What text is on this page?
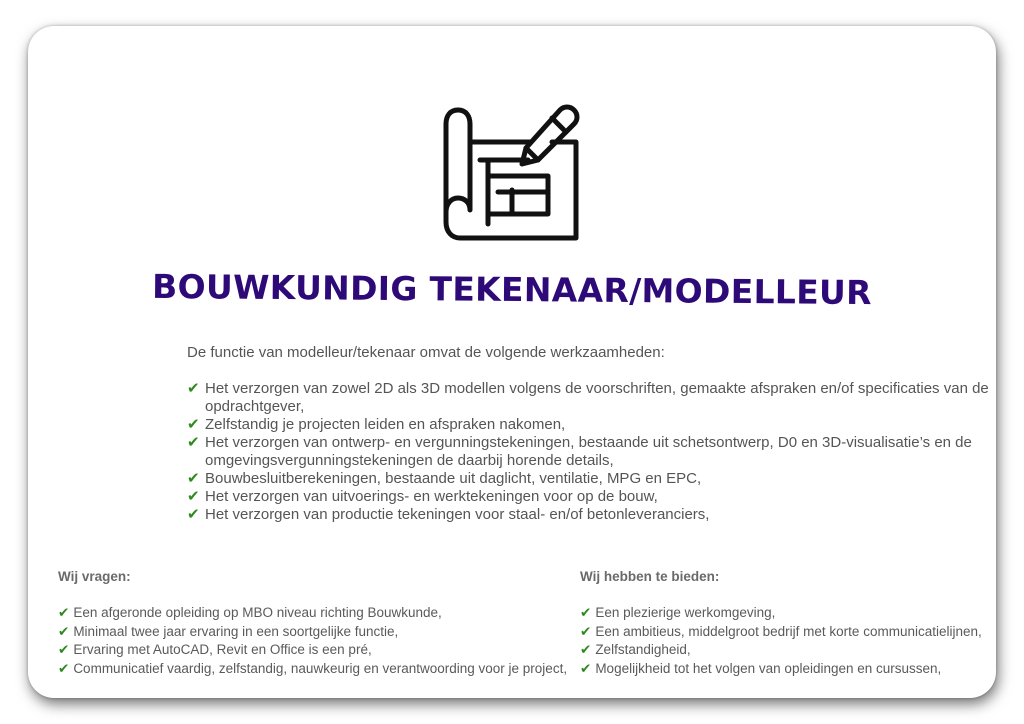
BOUWKUNDIG TEKENAAR/MODELLEUR
De functie van modelleur/tekenaar omvat de volgende werkzaamheden:
✔ Het verzorgen van zowel 2D als 3D modellen volgens de voorschriften, gemaakte afspraken en/of specificaties van de opdrachtgever,
✔ Zelfstandig je projecten leiden en afspraken nakomen,
✔ Het verzorgen van ontwerp- en vergunningstekeningen, bestaande uit schetsontwerp, D0 en 3D-visualisatie’s en de omgevingsvergunningstekeningen de daarbij horende details,
✔ Bouwbesluitberekeningen, bestaande uit daglicht, ventilatie, MPG en EPC,
✔ Het verzorgen van uitvoerings- en werktekeningen voor op de bouw,
✔ Het verzorgen van productie tekeningen voor staal- en/of betonleveranciers,
Wij vragen:
✔ Een afgeronde opleiding op MBO niveau richting Bouwkunde,
✔ Minimaal twee jaar ervaring in een soortgelijke functie,
✔ Ervaring met AutoCAD, Revit en Office is een pré,
✔ Communicatief vaardig, zelfstandig, nauwkeurig en verantwoording voor je project,
Wij hebben te bieden:
✔ Een plezierige werkomgeving,
✔ Een ambitieus, middelgroot bedrijf met korte communicatielijnen,
✔ Zelfstandigheid,
✔ Mogelijkheid tot het volgen van opleidingen en cursussen,
